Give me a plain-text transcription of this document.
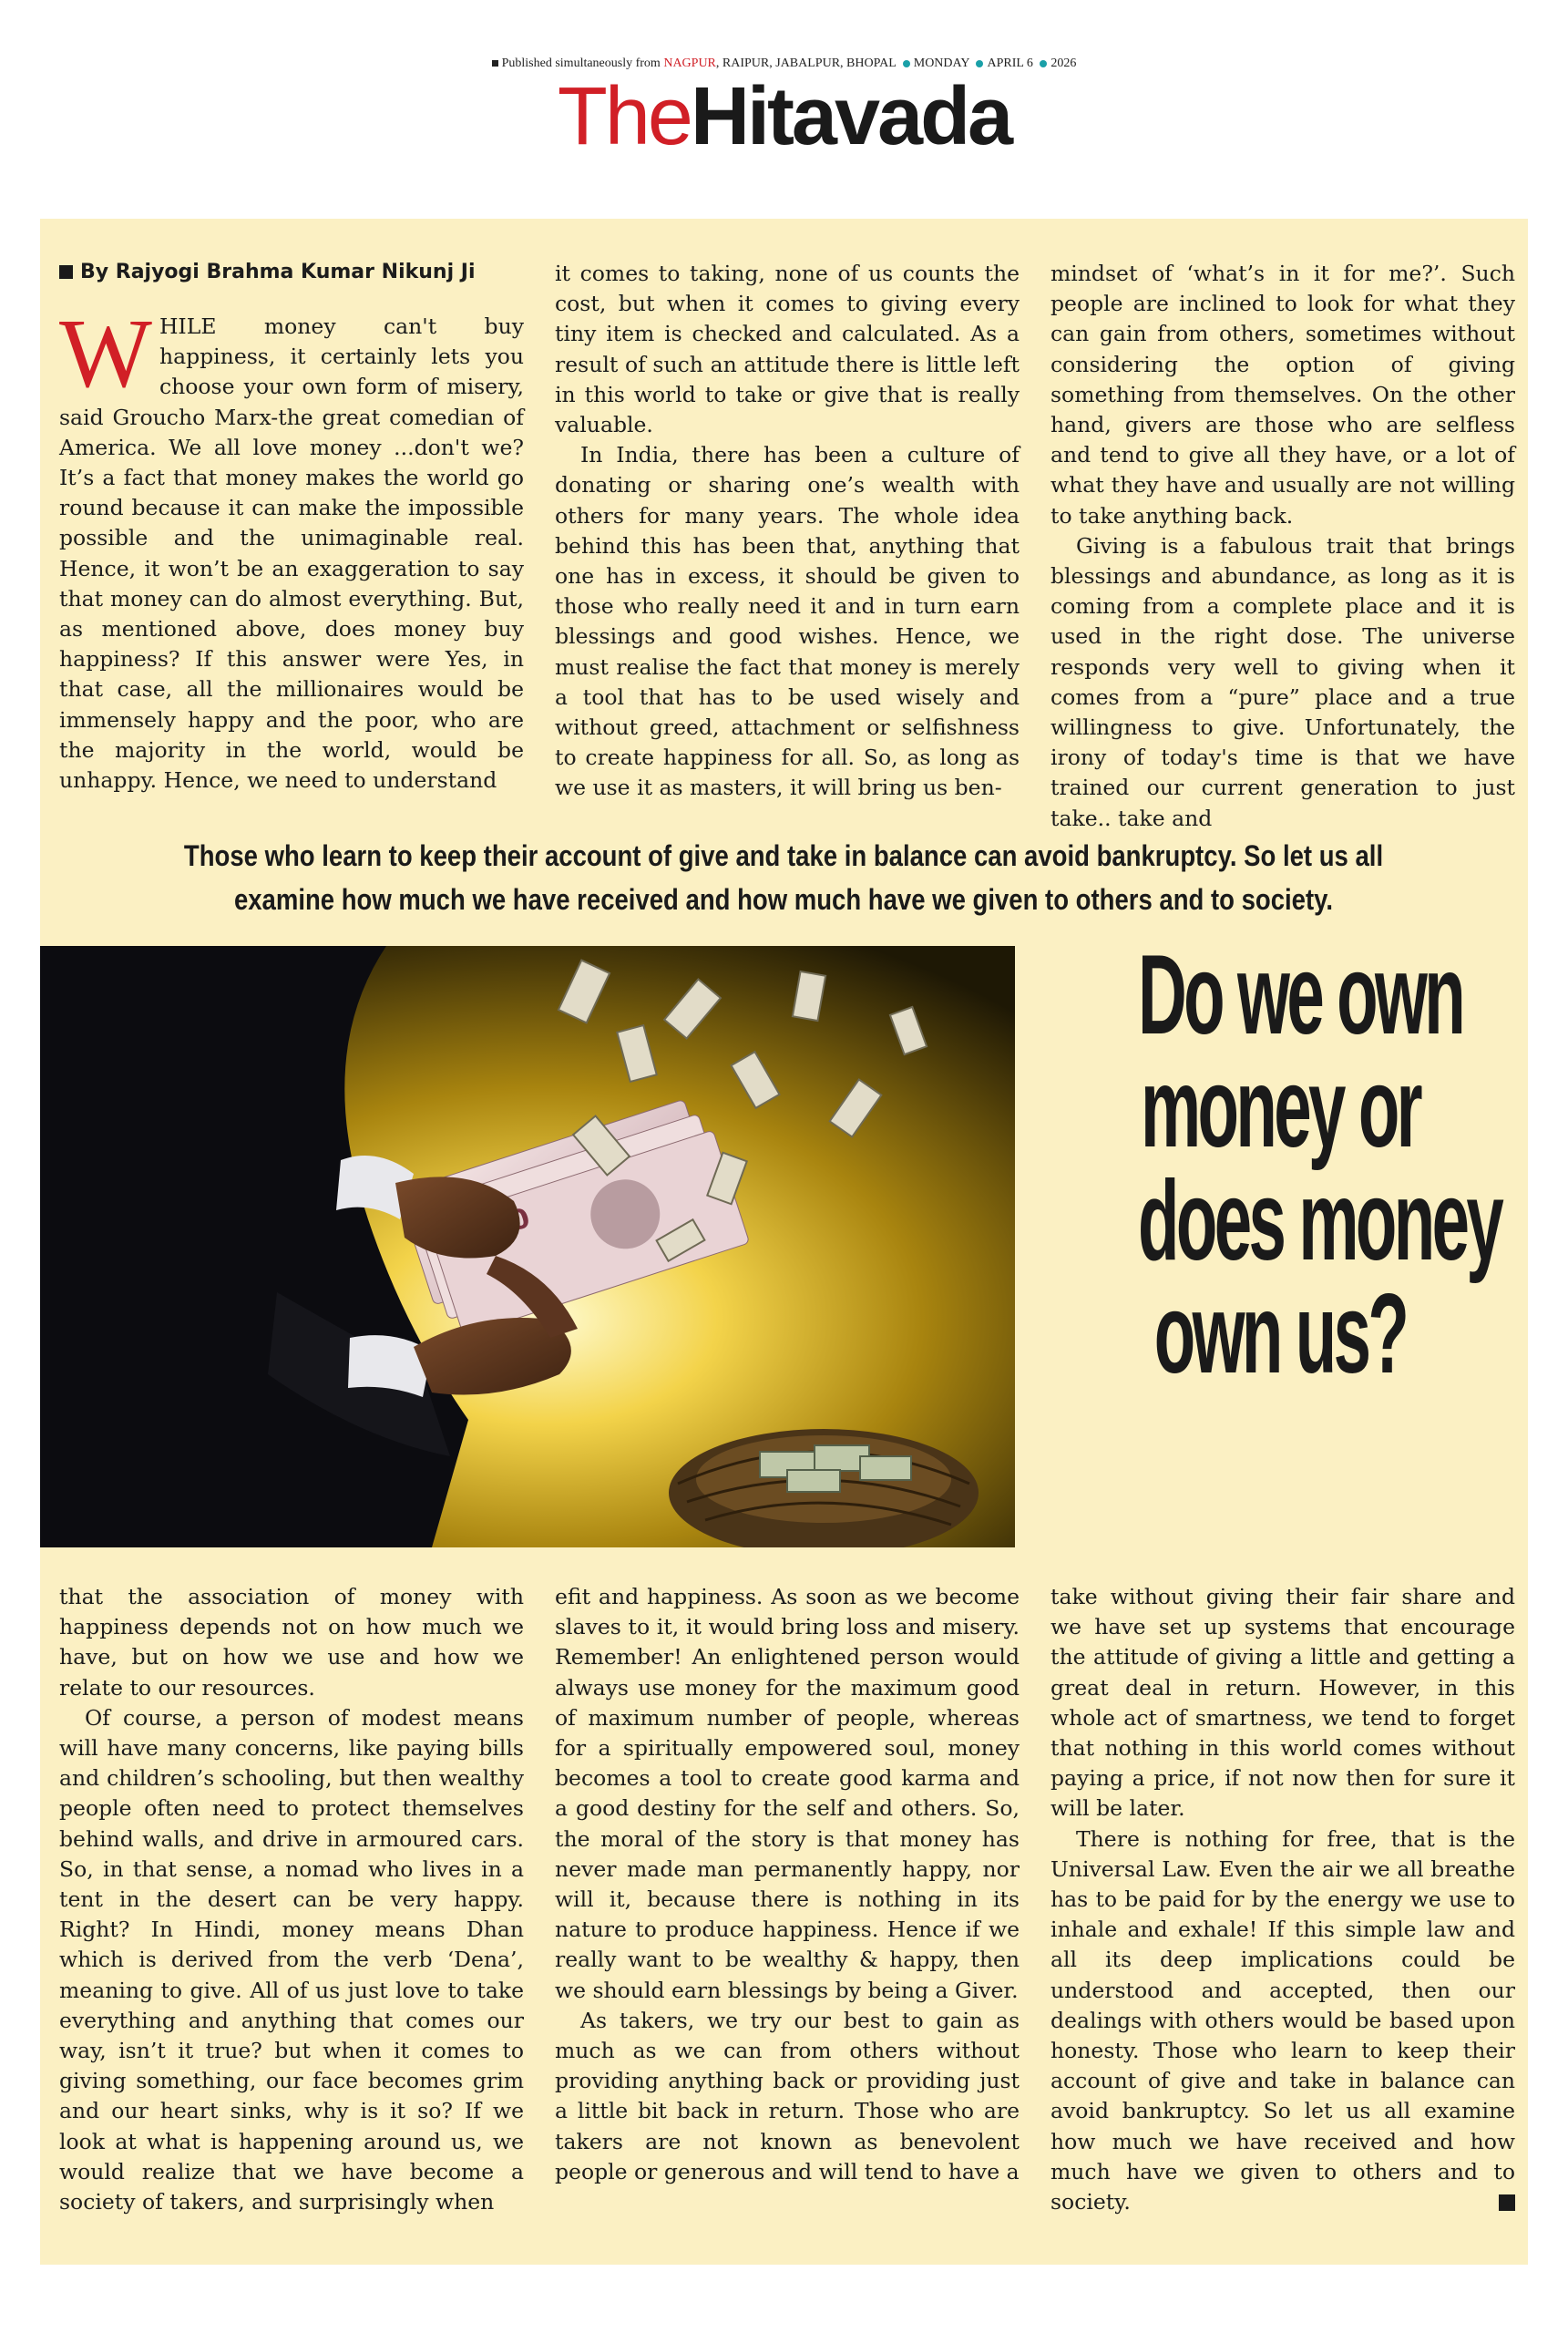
Published simultaneously from NAGPUR, RAIPUR, JABALPUR, BHOPAL MONDAY APRIL 6 2026
TheHitavada
By Rajyogi Brahma Kumar Nikunj Ji

WHILE money can't buy happiness, it certainly lets you choose your own form of misery, said Groucho Marx-the great comedian of America. We all love money ...don't we? It’s a fact that money makes the world go round because it can make the impossible possible and the unimaginable real. Hence, it won’t be an exaggeration to say that money can do almost everything. But, as mentioned above, does money buy happiness? If this answer were Yes, in that case, all the millionaires would be immensely happy and the poor, who are the majority in the world, would be unhappy. Hence, we need to understand

it comes to taking, none of us counts the cost, but when it comes to giving every tiny item is checked and calculated. As a result of such an attitude there is little left in this world to take or give that is really valuable.

In India, there has been a culture of donating or sharing one’s wealth with others for many years. The whole idea behind this has been that, anything that one has in excess, it should be given to those who really need it and in turn earn blessings and good wishes. Hence, we must realise the fact that money is merely a tool that has to be used wisely and without greed, attachment or selfishness to create happiness for all. So, as long as we use it as masters, it will bring us ben-

mindset of ‘what’s in it for me?’. Such people are inclined to look for what they can gain from others, sometimes without considering the option of giving something from themselves. On the other hand, givers are those who are selfless and tend to give all they have, or a lot of what they have and usually are not willing to take anything back.

Giving is a fabulous trait that brings blessings and abundance, as long as it is coming from a complete place and it is used in the right dose. The universe responds very well to giving when it comes from a “pure” place and a true willingness to give. Unfortunately, the irony of today's time is that we have trained our current generation to just take.. take and

Those who learn to keep their account of give and take in balance can avoid bankruptcy. So let us all examine how much we have received and how much have we given to others and to society.
Do we own
money or
does money
own us?

that the association of money with happiness depends not on how much we have, but on how we use and how we relate to our resources.

Of course, a person of modest means will have many concerns, like paying bills and children’s schooling, but then wealthy people often need to protect themselves behind walls, and drive in armoured cars. So, in that sense, a nomad who lives in a tent in the desert can be very happy. Right? In Hindi, money means Dhan which is derived from the verb ‘Dena’, meaning to give. All of us just love to take everything and anything that comes our way, isn’t it true? but when it comes to giving something, our face becomes grim and our heart sinks, why is it so? If we look at what is happening around us, we would realize that we have become a society of takers, and surprisingly when

efit and happiness. As soon as we become slaves to it, it would bring loss and misery. Remember! An enlightened person would always use money for the maximum good of maximum number of people, whereas for a spiritually empowered soul, money becomes a tool to create good karma and a good destiny for the self and others. So, the moral of the story is that money has never made man permanently happy, nor will it, because there is nothing in its nature to produce happiness. Hence if we really want to be wealthy & happy, then we should earn blessings by being a Giver.

As takers, we try our best to gain as much as we can from others without providing anything back or providing just a little bit back in return. Those who are takers are not known as benevolent people or generous and will tend to have a

take without giving their fair share and we have set up systems that encourage the attitude of giving a little and getting a great deal in return. However, in this whole act of smartness, we tend to forget that nothing in this world comes without paying a price, if not now then for sure it will be later.

There is nothing for free, that is the Universal Law. Even the air we all breathe has to be paid for by the energy we use to inhale and exhale! If this simple law and all its deep implications could be understood and accepted, then our dealings with others would be based upon honesty. Those who learn to keep their account of give and take in balance can avoid bankruptcy. So let us all examine how much we have received and how much have we given to others and to society.
